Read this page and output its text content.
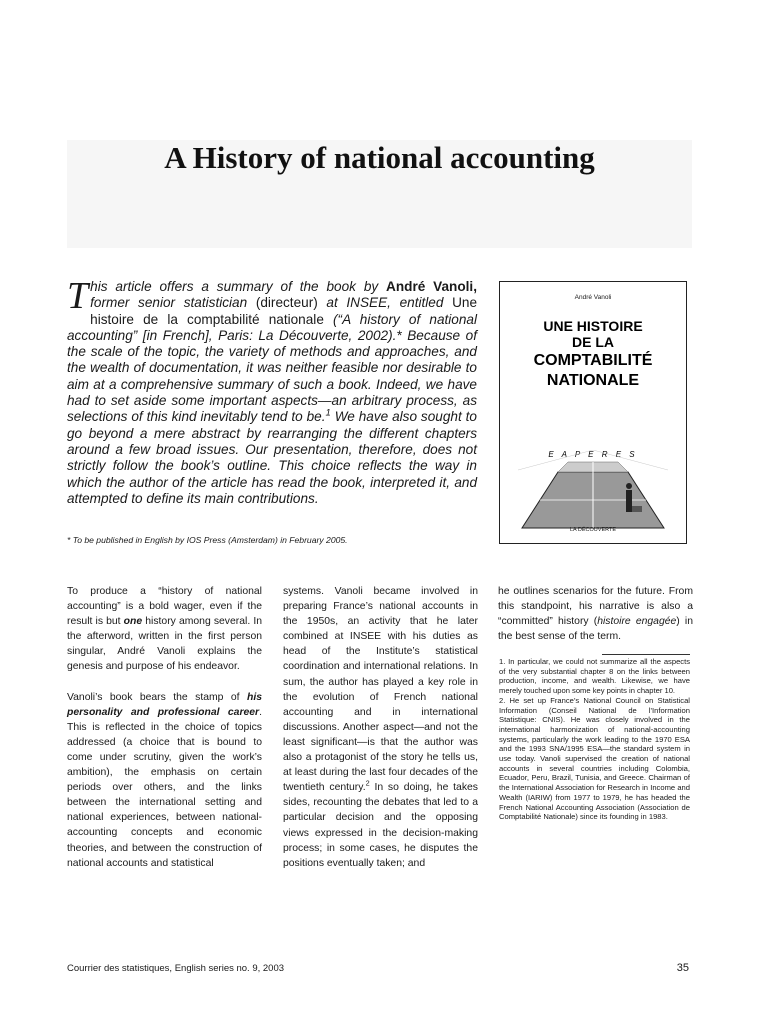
A History of national accounting

This article offers a summary of the book by André Vanoli, former senior statistician (directeur) at INSEE, entitled Une histoire de la comptabilité nationale (“A history of national accounting” [in French], Paris: La Découverte, 2002).* Because of the scale of the topic, the variety of methods and approaches, and the wealth of documentation, it was neither feasible nor desirable to aim at a comprehensive summary of such a book. Indeed, we have had to set aside some important aspects—an arbitrary process, as selections of this kind inevitably tend to be.$^1$ We have also sought to go beyond a mere abstract by rearranging the different chapters around a few broad issues. Our presentation, therefore, does not strictly follow the book’s outline. This choice reflects the way in which the author of the article has read the book, interpreted it, and attempted to define its main contributions.

* To be published in English by IOS Press (Amsterdam) in February 2005.

André Vanoli
UNE HISTOIRE
DE LA
COMPTABILITÉ
NATIONALE
E A P E R E S
LA DÉCOUVERTE

To produce a “history of national accounting” is a bold wager, even if the result is but one history among several. In the afterword, written in the first person singular, André Vanoli explains the genesis and purpose of his endeavor.

Vanoli’s book bears the stamp of his personality and professional career. This is reflected in the choice of topics addressed (a choice that is bound to come under scrutiny, given the work’s ambition), the emphasis on certain periods over others, and the links between the international setting and national experiences, between national-accounting concepts and economic theories, and between the construction of national accounts and statistical

systems. Vanoli became involved in preparing France’s national accounts in the 1950s, an activity that he later combined at INSEE with his duties as head of the Institute’s statistical coordination and international relations. In sum, the author has played a key role in the evolution of French national accounting and in international discussions. Another aspect—and not the least significant—is that the author was also a protagonist of the story he tells us, at least during the last four decades of the twentieth century.$^2$ In so doing, he takes sides, recounting the debates that led to a particular decision and the opposing views expressed in the decision-making process; in some cases, he disputes the positions eventually taken; and

he outlines scenarios for the future. From this standpoint, his narrative is also a “committed” history (histoire engagée) in the best sense of the term.

1. In particular, we could not summarize all the aspects of the very substantial chapter 8 on the links between production, income, and wealth. Likewise, we have merely touched upon some key points in chapter 10.

2. He set up France’s National Council on Statistical Information (Conseil National de l’Information Statistique: CNIS). He was closely involved in the international harmonization of national-accounting systems, particularly the work leading to the 1970 ESA and the 1993 SNA/1995 ESA—the standard system in use today. Vanoli supervised the creation of national accounts in several countries including Colombia, Ecuador, Peru, Brazil, Tunisia, and Greece. Chairman of the International Association for Research in Income and Wealth (IARIW) from 1977 to 1979, he has headed the French National Accounting Association (Association de Comptabilité Nationale) since its founding in 1983.

Courrier des statistiques, English series no. 9, 2003	35
